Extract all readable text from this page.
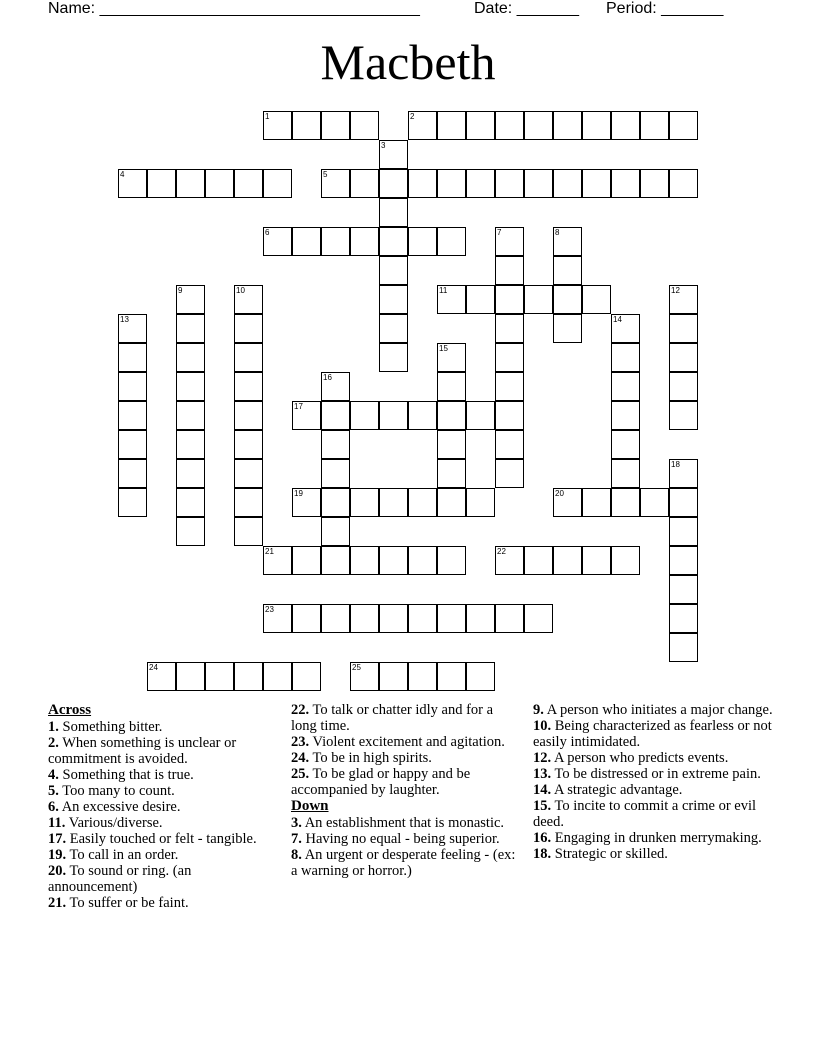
Name: ____________________________________	Date: _______ Period: _______
Macbeth
1	2
3
4	5
6	7	8
9	10	11	12
13	14
15
16
17
18
19	20
21	22
23
24	25

Across

1. Something bitter.

2. When something is unclear or commitment is avoided.

4. Something that is true.

5. Too many to count.

6. An excessive desire.

11. Various/diverse.

17. Easily touched or felt - tangible.

19. To call in an order.

20. To sound or ring. (an announcement)

21. To suffer or be faint.

22. To talk or chatter idly and for a long time.

23. Violent excitement and agitation.

24. To be in high spirits.

25. To be glad or happy and be accompanied by laughter.

Down

3. An establishment that is monastic.

7. Having no equal - being superior.

8. An urgent or desperate feeling - (ex: a warning or horror.)

9. A person who initiates a major change.

10. Being characterized as fearless or not easily intimidated.

12. A person who predicts events.

13. To be distressed or in extreme pain.

14. A strategic advantage.

15. To incite to commit a crime or evil deed.

16. Engaging in drunken merrymaking.

18. Strategic or skilled.
